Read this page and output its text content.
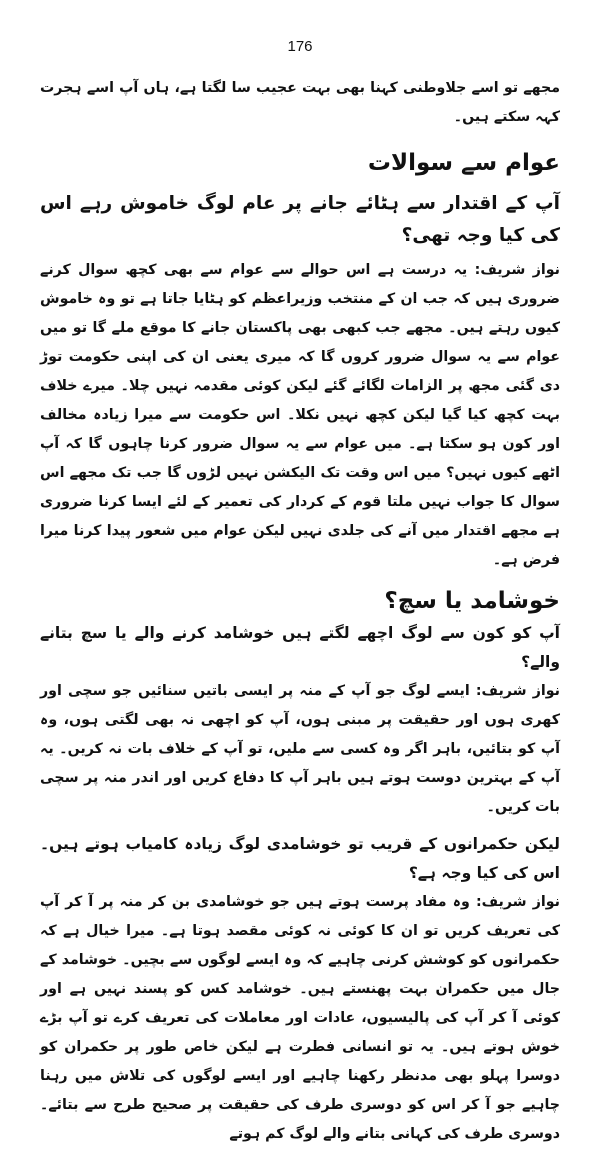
176

مجھے تو اسے جلاوطنی کہنا بھی بہت عجیب سا لگتا ہے، ہاں آپ اسے ہجرت کہہ سکتے ہیں۔

عوام سے سوالات
آپ کے اقتدار سے ہٹائے جانے پر عام لوگ خاموش رہے اس کی کیا وجہ تھی؟

نواز شریف: یہ درست ہے اس حوالے سے عوام سے بھی کچھ سوال کرنے ضروری ہیں کہ جب ان کے منتخب وزیراعظم کو ہٹایا جاتا ہے تو وہ خاموش کیوں رہتے ہیں۔ مجھے جب کبھی بھی پاکستان جانے کا موقع ملے گا تو میں عوام سے یہ سوال ضرور کروں گا کہ میری یعنی ان کی اپنی حکومت توڑ دی گئی مجھ پر الزامات لگائے گئے لیکن کوئی مقدمہ نہیں چلا۔ میرے خلاف بہت کچھ کیا گیا لیکن کچھ نہیں نکلا۔ اس حکومت سے میرا زیادہ مخالف اور کون ہو سکتا ہے۔ میں عوام سے یہ سوال ضرور کرنا چاہوں گا کہ آپ اٹھے کیوں نہیں؟ میں اس وقت تک الیکشن نہیں لڑوں گا جب تک مجھے اس سوال کا جواب نہیں ملتا قوم کے کردار کی تعمیر کے لئے ایسا کرنا ضروری ہے مجھے اقتدار میں آنے کی جلدی نہیں لیکن عوام میں شعور پیدا کرنا میرا فرض ہے۔

خوشامد یا سچ؟
آپ کو کون سے لوگ اچھے لگتے ہیں خوشامد کرنے والے یا سچ بتانے والے؟

نواز شریف: ایسے لوگ جو آپ کے منہ پر ایسی باتیں سنائیں جو سچی اور کھری ہوں اور حقیقت پر مبنی ہوں، آپ کو اچھی نہ بھی لگتی ہوں، وہ آپ کو بتائیں، باہر اگر وہ کسی سے ملیں، تو آپ کے خلاف بات نہ کریں۔ یہ آپ کے بہترین دوست ہوتے ہیں باہر آپ کا دفاع کریں اور اندر منہ پر سچی بات کریں۔

لیکن حکمرانوں کے قریب تو خوشامدی لوگ زیادہ کامیاب ہوتے ہیں۔ اس کی کیا وجہ ہے؟

نواز شریف: وہ مفاد پرست ہوتے ہیں جو خوشامدی بن کر منہ پر آ کر آپ کی تعریف کریں تو ان کا کوئی نہ کوئی مقصد ہوتا ہے۔ میرا خیال ہے کہ حکمرانوں کو کوشش کرنی چاہیے کہ وہ ایسے لوگوں سے بچیں۔ خوشامد کے جال میں حکمران بہت پھنستے ہیں۔ خوشامد کس کو پسند نہیں ہے اور کوئی آ کر آپ کی پالیسیوں، عادات اور معاملات کی تعریف کرے تو آپ بڑے خوش ہوتے ہیں۔ یہ تو انسانی فطرت ہے لیکن خاص طور پر حکمران کو دوسرا پہلو بھی مدنظر رکھنا چاہیے اور ایسے لوگوں کی تلاش میں رہنا چاہیے جو آ کر اس کو دوسری طرف کی حقیقت پر صحیح طرح سے بتائے۔ دوسری طرف کی کہانی بتانے والے لوگ کم ہوتے
